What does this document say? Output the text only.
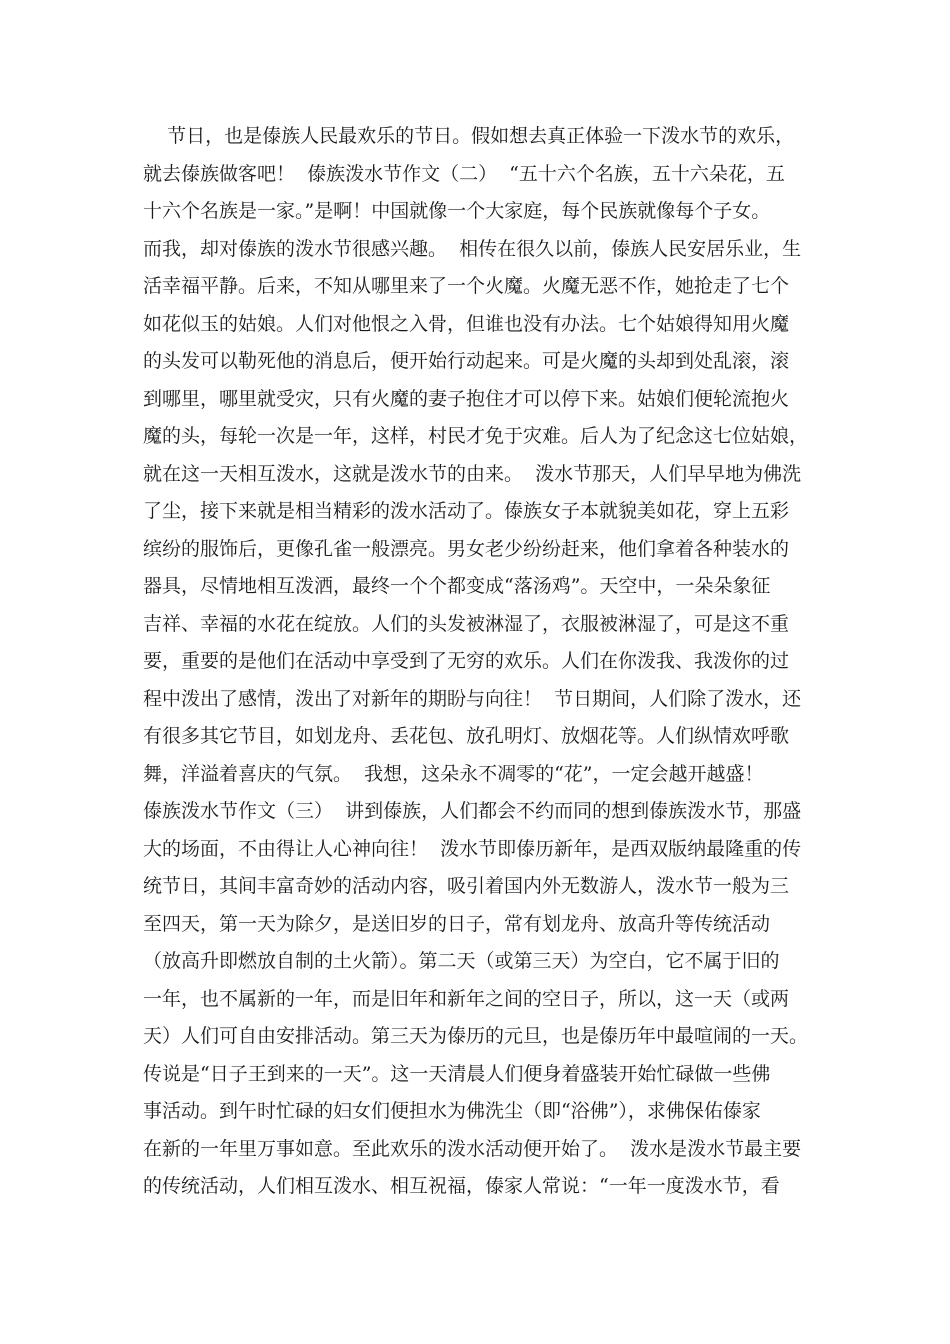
节日，也是傣族人民最欢乐的节日。假如想去真正体验一下泼水节的欢乐，
就去傣族做客吧！  傣族泼水节作文（二）  “五十六个名族，五十六朵花，五
十六个名族是一家。”是啊！中国就像一个大家庭，每个民族就像每个子女。
而我，却对傣族的泼水节很感兴趣。  相传在很久以前，傣族人民安居乐业，生
活幸福平静。后来，不知从哪里来了一个火魔。火魔无恶不作，她抢走了七个
如花似玉的姑娘。人们对他恨之入骨，但谁也没有办法。七个姑娘得知用火魔
的头发可以勒死他的消息后，便开始行动起来。可是火魔的头却到处乱滚，滚
到哪里，哪里就受灾，只有火魔的妻子抱住才可以停下来。姑娘们便轮流抱火
魔的头，每轮一次是一年，这样，村民才免于灾难。后人为了纪念这七位姑娘，
就在这一天相互泼水，这就是泼水节的由来。  泼水节那天，人们早早地为佛洗
了尘，接下来就是相当精彩的泼水活动了。傣族女子本就貌美如花，穿上五彩
缤纷的服饰后，更像孔雀一般漂亮。男女老少纷纷赶来，他们拿着各种装水的
器具，尽情地相互泼洒，最终一个个都变成“落汤鸡”。天空中，一朵朵象征
吉祥、幸福的水花在绽放。人们的头发被淋湿了，衣服被淋湿了，可是这不重
要，重要的是他们在活动中享受到了无穷的欢乐。人们在你泼我、我泼你的过
程中泼出了感情，泼出了对新年的期盼与向往！  节日期间，人们除了泼水，还
有很多其它节目，如划龙舟、丢花包、放孔明灯、放烟花等。人们纵情欢呼歌
舞，洋溢着喜庆的气氛。  我想，这朵永不凋零的“花”，一定会越开越盛！
傣族泼水节作文（三）  讲到傣族，人们都会不约而同的想到傣族泼水节，那盛
大的场面，不由得让人心神向往！  泼水节即傣历新年，是西双版纳最隆重的传
统节日，其间丰富奇妙的活动内容，吸引着国内外无数游人，泼水节一般为三
至四天，第一天为除夕，是送旧岁的日子，常有划龙舟、放高升等传统活动
（放高升即燃放自制的土火箭）。第二天（或第三天）为空白，它不属于旧的
一年，也不属新的一年，而是旧年和新年之间的空日子，所以，这一天（或两
天）人们可自由安排活动。第三天为傣历的元旦，也是傣历年中最喧闹的一天。
传说是“日子王到来的一天”。这一天清晨人们便身着盛装开始忙碌做一些佛
事活动。到午时忙碌的妇女们便担水为佛洗尘（即“浴佛”），求佛保佑傣家
在新的一年里万事如意。至此欢乐的泼水活动便开始了。  泼水是泼水节最主要
的传统活动，人们相互泼水、相互祝福，傣家人常说：“一年一度泼水节，看
